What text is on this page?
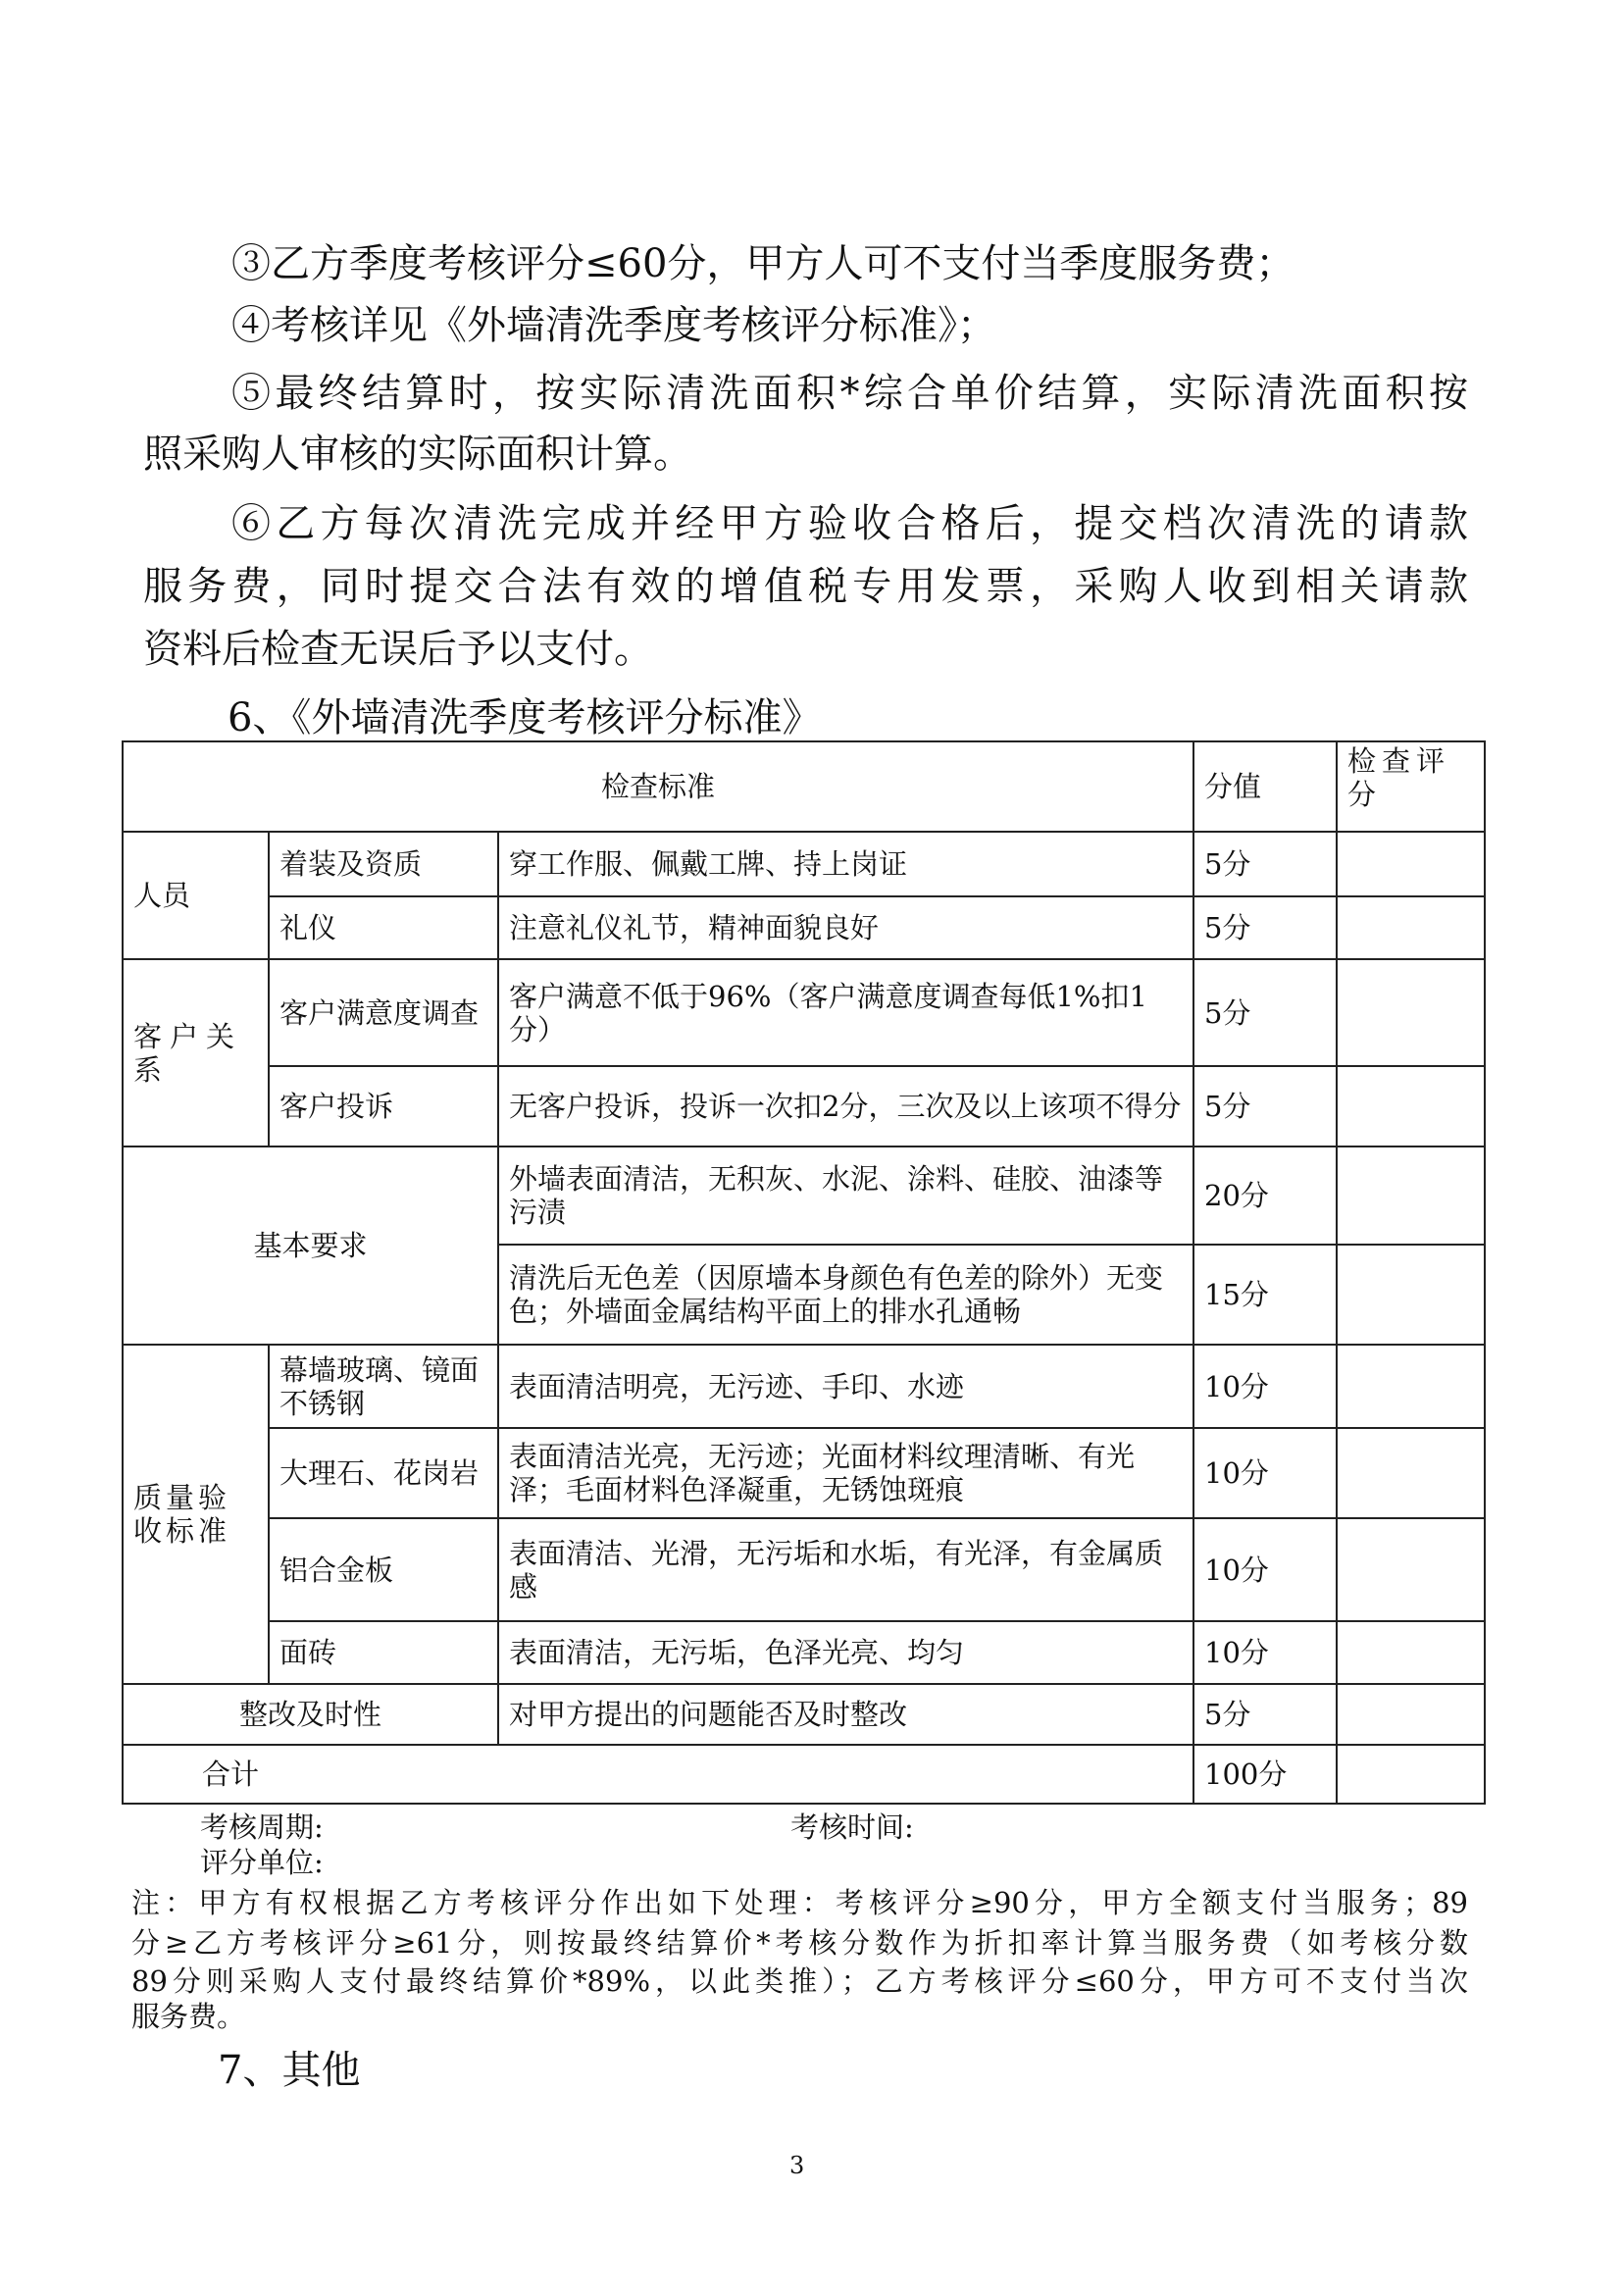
③乙方季度考核评分≤60分，甲方人可不支付当季度服务费；
④考核详见《外墙清洗季度考核评分标准》；
⑤最终结算时，按实际清洗面积*综合单价结算，实际清洗面积按
照采购人审核的实际面积计算。
⑥乙方每次清洗完成并经甲方验收合格后，提交档次清洗的请款
服务费，同时提交合法有效的增值税专用发票，采购人收到相关请款
资料后检查无误后予以支付。
6、《外墙清洗季度考核评分标准》
检查标准			分值	检查评分
人员	着装及资质	穿工作服、佩戴工牌、持上岗证	5分	
	礼仪	注意礼仪礼节，精神面貌良好	5分	
客户关系	客户满意度调查	客户满意不低于96%（客户满意度调查每低1%扣1分）	5分	
	客户投诉	无客户投诉，投诉一次扣2分，三次及以上该项不得分	5分	
基本要求		外墙表面清洁，无积灰、水泥、涂料、硅胶、油漆等污渍	20分	
		清洗后无色差（因原墙本身颜色有色差的除外）无变色；外墙面金属结构平面上的排水孔通畅	15分	
质量验收标准	幕墙玻璃、镜面不锈钢	表面清洁明亮，无污迹、手印、水迹	10分	
	大理石、花岗岩	表面清洁光亮，无污迹；光面材料纹理清晰、有光泽；毛面材料色泽凝重，无锈蚀斑痕	10分	
	铝合金板	表面清洁、光滑，无污垢和水垢，有光泽，有金属质感	10分	
	面砖	表面清洁，无污垢，色泽光亮、均匀	10分	
整改及时性		对甲方提出的问题能否及时整改	5分	
合计			100分	
考核周期:	考核时间:
评分单位:
注：甲方有权根据乙方考核评分作出如下处理：考核评分≥90分，甲方全额支付当服务；89
分≥乙方考核评分≥61分，则按最终结算价*考核分数作为折扣率计算当服务费（如考核分数
89分则采购人支付最终结算价*89%，以此类推）；乙方考核评分≤60分，甲方可不支付当次
服务费。
7、其他
3
